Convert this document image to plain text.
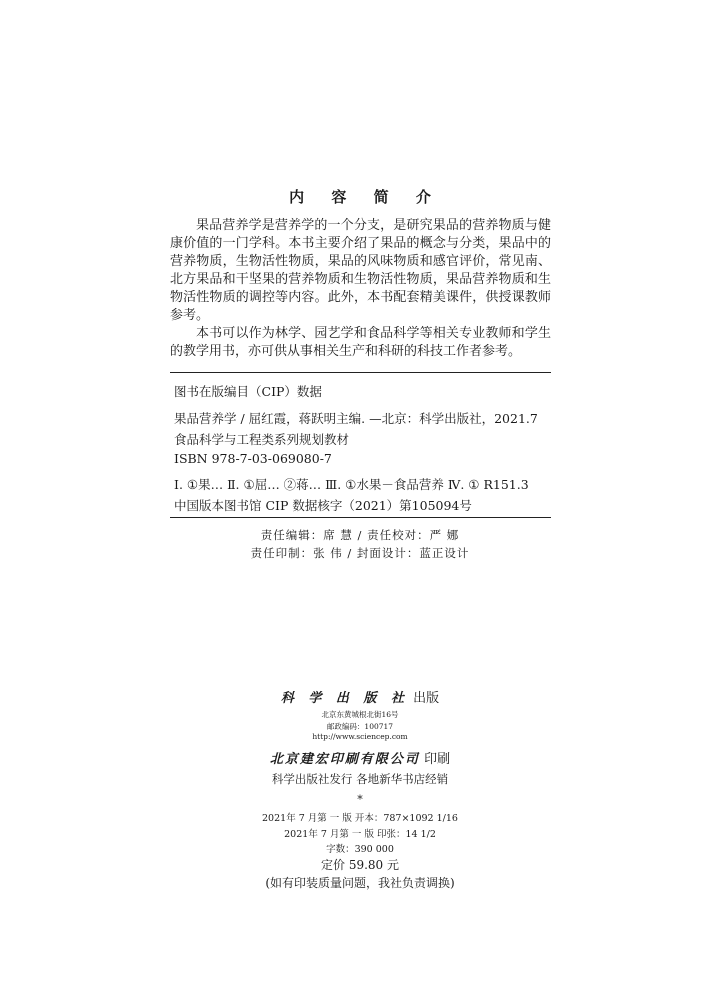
内 容 简 介

果品营养学是营养学的一个分支，是研究果品的营养物质与健康价值的一门学科。本书主要介绍了果品的概念与分类，果品中的营养物质，生物活性物质，果品的风味物质和感官评价，常见南、北方果品和干坚果的营养物质和生物活性物质，果品营养物质和生物活性物质的调控等内容。此外，本书配套精美课件，供授课教师参考。

本书可以作为林学、园艺学和食品科学等相关专业教师和学生的教学用书，亦可供从事相关生产和科研的科技工作者参考。

图书在版编目（CIP）数据
果品营养学 / 屈红霞，蒋跃明主编. —北京：科学出版社，2021.7
食品科学与工程类系列规划教材
ISBN 978-7-03-069080-7
Ⅰ. ①果… Ⅱ. ①屈… ②蒋… Ⅲ. ①水果－食品营养 Ⅳ. ① R151.3
中国版本图书馆 CIP 数据核字（2021）第105094号
责任编辑：席 慧 / 责任校对：严 娜
责任印制：张 伟 / 封面设计：蓝正设计
科 学 出 版 社 出版
北京东黄城根北街16号
邮政编码：100717
http://www.sciencep.com
北京建宏印刷有限公司 印刷
科学出版社发行 各地新华书店经销
*
2021年 7 月第 一 版 开本：787×1092 1/16
2021年 7 月第 一 版 印张：14 1/2
字数：390 000
定价 59.80 元
(如有印装质量问题，我社负责调换)
